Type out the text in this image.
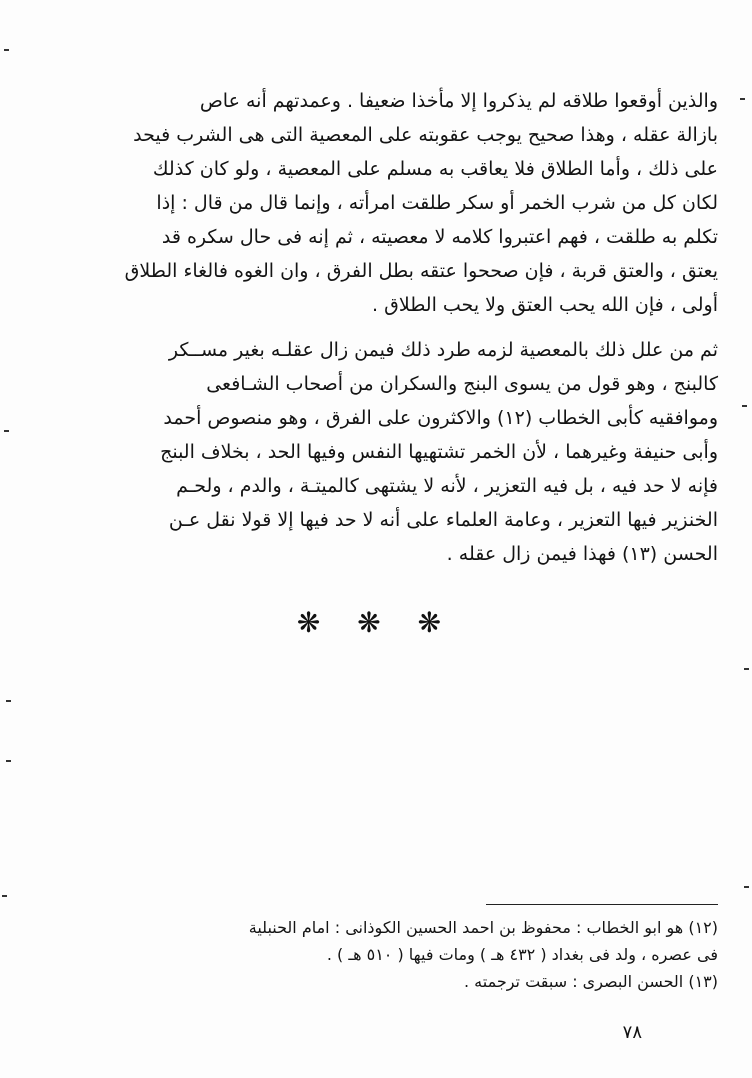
والذين أوقعوا طلاقه لم يذكروا إلا مأخذا ضعيفا . وعمدتهم أنه عاص

بازالة عقله ، وهذا صحيح يوجب عقوبته على المعصية التى هى الشرب فيحد

على ذلك ، وأما الطلاق فلا يعاقب به مسلم على المعصية ، ولو كان كذلك

لكان كل من شرب الخمر أو سكر طلقت امرأته ، وإنما قال من قال : إذا

تكلم به طلقت ، فهم اعتبروا كلامه لا معصيته ، ثم إنه فى حال سكره قد

يعتق ، والعتق قربة ، فإن صححوا عتقه بطل الفرق ، وان الغوه فالغاء الطلاق

أولى ، فإن الله يحب العتق ولا يحب الطلاق .

ثم من علل ذلك بالمعصية لزمه طرد ذلك فيمن زال عقلـه بغير مســكر

كالبنج ، وهو قول من يسوى البنج والسكران من أصحاب الشـافعى

وموافقيه كأبى الخطاب (١٢) والاكثرون على الفرق ، وهو منصوص أحمد

وأبى حنيفة وغيرهما ، لأن الخمر تشتهيها النفس وفيها الحد ، بخلاف البنج

فإنه لا حد فيه ، بل فيه التعزير ، لأنه لا يشتهى كالميتـة ، والدم ، ولحـم

الخنزير فيها التعزير ، وعامة العلماء على أنه لا حد فيها إلا قولا نقل عـن

الحسن (١٣) فهذا فيمن زال عقله .

❋ ❋ ❋

(١٢) هو ابو الخطاب : محفوظ بن احمد الحسين الكوذانى : امام الحنبلية

فى عصره ، ولد فى بغداد ( ٤٣٢ هـ ) ومات فيها ( ٥١٠ هـ ) .

(١٣) الحسن البصرى : سبقت ترجمته .

٧٨
